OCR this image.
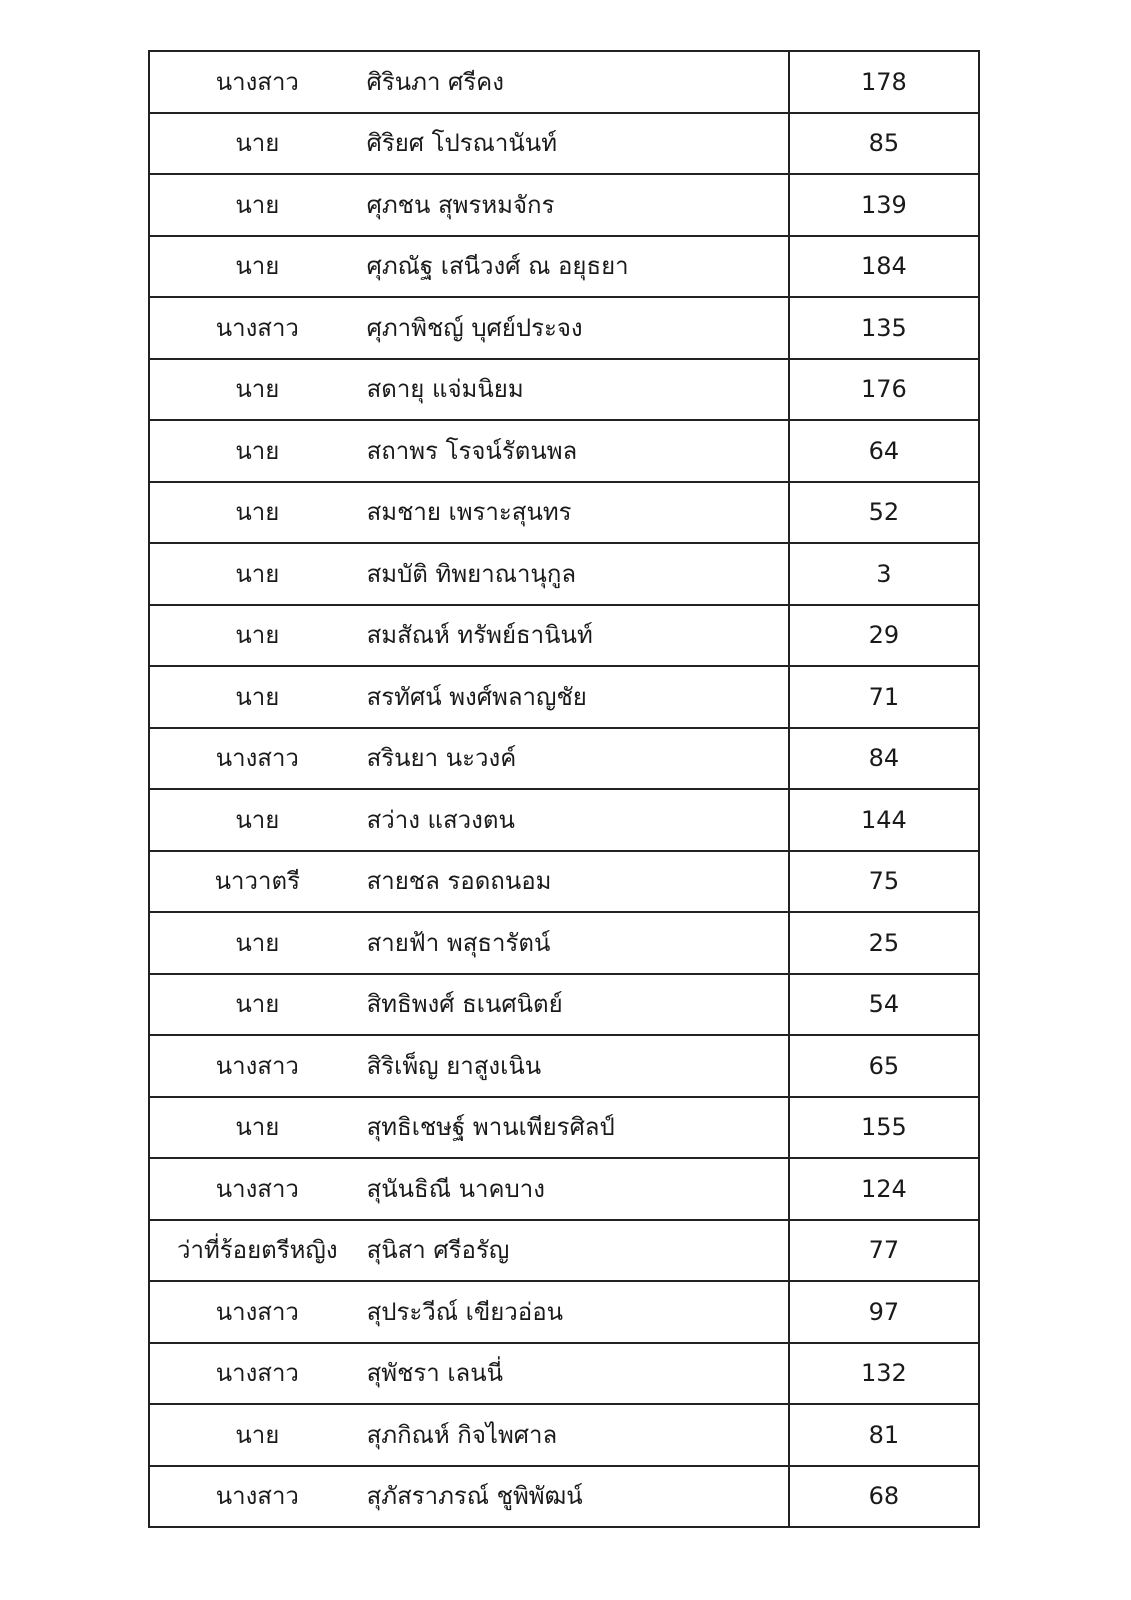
นางสาว	ศิรินภา ศรีคง	178
นาย	ศิริยศ โปรณานันท์	85
นาย	ศุภชน สุพรหมจักร	139
นาย	ศุภณัฐ เสนีวงศ์ ณ อยุธยา	184
นางสาว	ศุภาพิชญ์ บุศย์ประจง	135
นาย	สดายุ แจ่มนิยม	176
นาย	สถาพร โรจน์รัตนพล	64
นาย	สมชาย เพราะสุนทร	52
นาย	สมบัติ ทิพยาณานุกูล	3
นาย	สมสัณห์ ทรัพย์ธานินท์	29
นาย	สรทัศน์ พงศ์พลาญชัย	71
นางสาว	สรินยา นะวงค์	84
นาย	สว่าง แสวงตน	144
นาวาตรี	สายชล รอดถนอม	75
นาย	สายฟ้า พสุธารัตน์	25
นาย	สิทธิพงศ์ ธเนศนิตย์	54
นางสาว	สิริเพ็ญ ยาสูงเนิน	65
นาย	สุทธิเชษฐ์ พานเพียรศิลป์	155
นางสาว	สุนันธิณี นาคบาง	124
ว่าที่ร้อยตรีหญิง	สุนิสา ศรีอรัญ	77
นางสาว	สุประวีณ์ เขียวอ่อน	97
นางสาว	สุพัชรา เลนนี่	132
นาย	สุภกิณห์ กิจไพศาล	81
นางสาว	สุภัสราภรณ์ ชูพิพัฒน์	68
